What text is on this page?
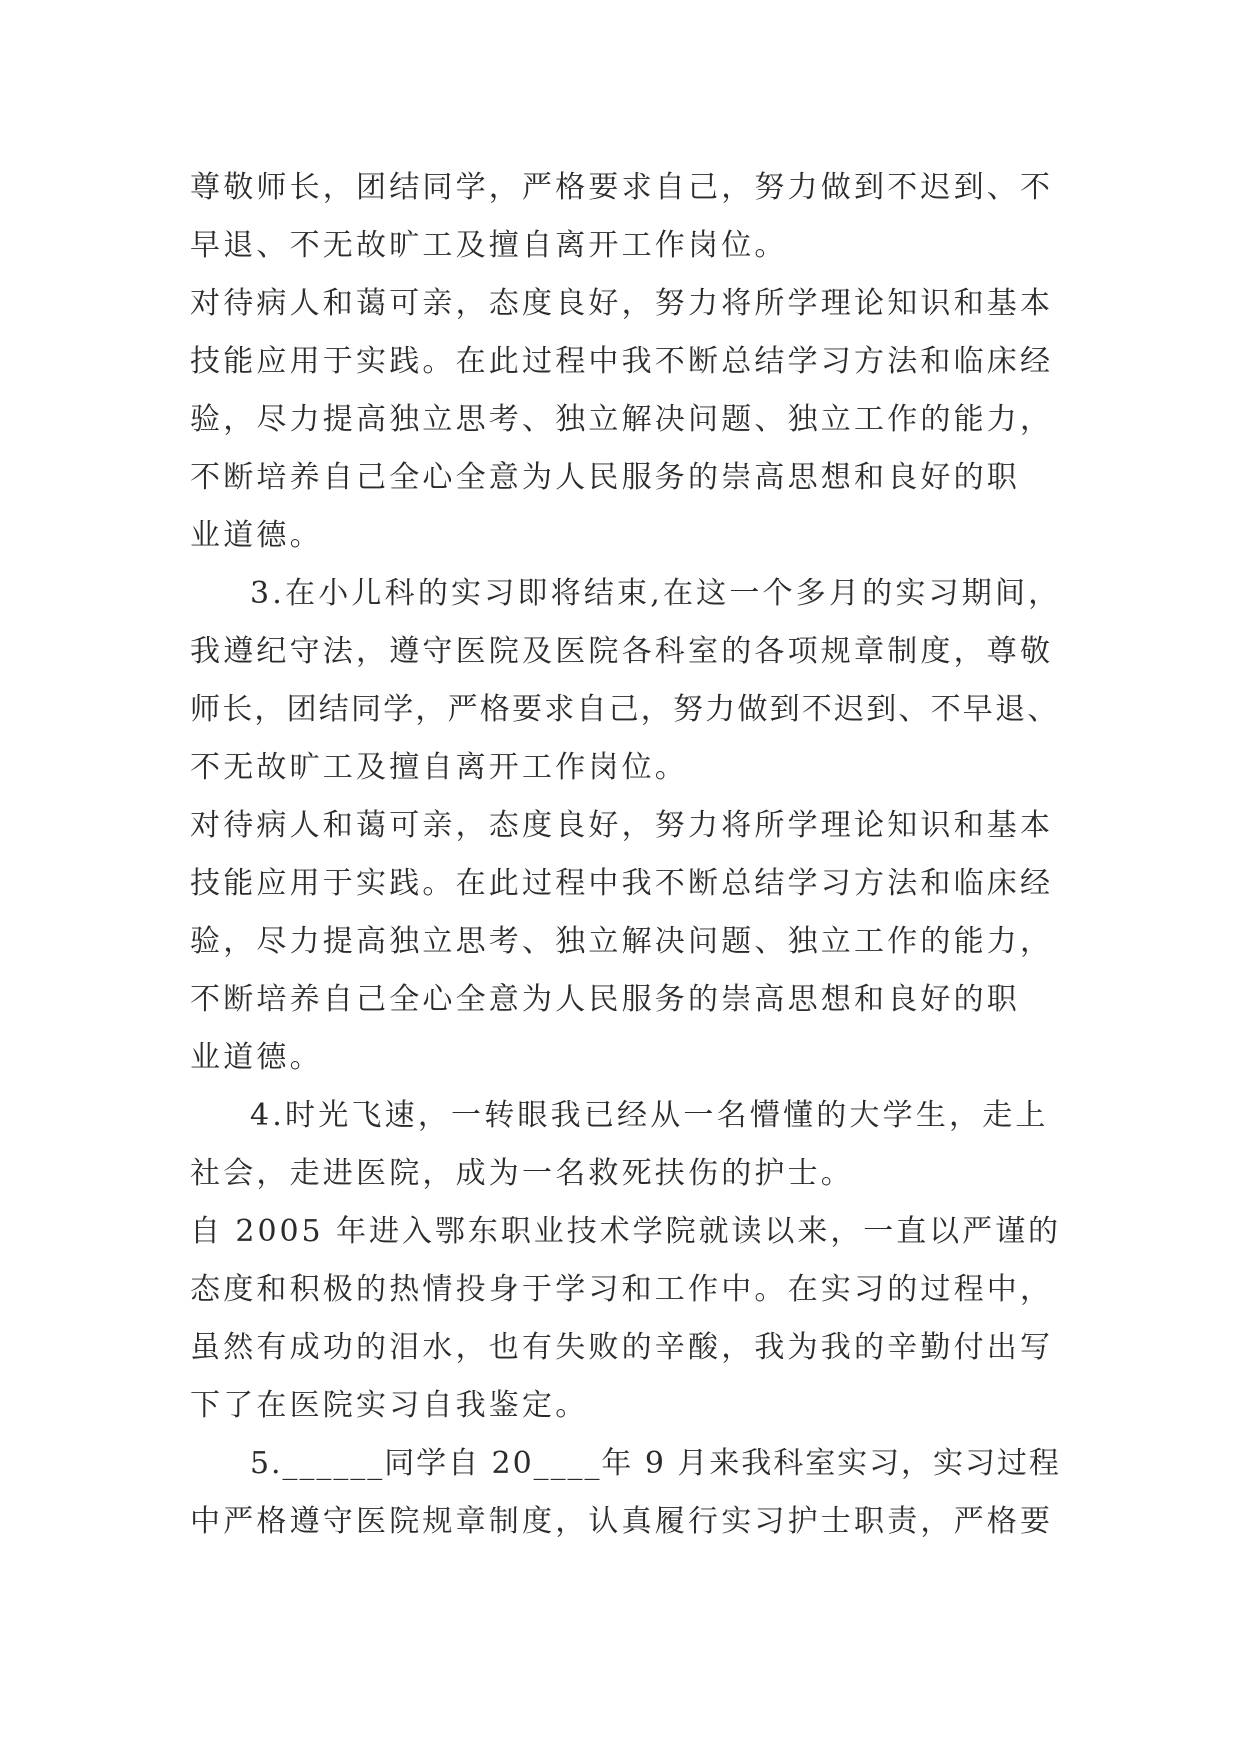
尊敬师长，团结同学，严格要求自己，努力做到不迟到、不
早退、不无故旷工及擅自离开工作岗位。
对待病人和蔼可亲，态度良好，努力将所学理论知识和基本
技能应用于实践。在此过程中我不断总结学习方法和临床经
验，尽力提高独立思考、独立解决问题、独立工作的能力，
不断培养自己全心全意为人民服务的崇高思想和良好的职
业道德。
3.在小儿科的实习即将结束,在这一个多月的实习期间，
我遵纪守法，遵守医院及医院各科室的各项规章制度，尊敬
师长，团结同学，严格要求自己，努力做到不迟到、不早退、
不无故旷工及擅自离开工作岗位。
对待病人和蔼可亲，态度良好，努力将所学理论知识和基本
技能应用于实践。在此过程中我不断总结学习方法和临床经
验，尽力提高独立思考、独立解决问题、独立工作的能力，
不断培养自己全心全意为人民服务的崇高思想和良好的职
业道德。
4.时光飞速，一转眼我已经从一名懵懂的大学生，走上
社会，走进医院，成为一名救死扶伤的护士。
自 2005 年进入鄂东职业技术学院就读以来，一直以严谨的
态度和积极的热情投身于学习和工作中。在实习的过程中，
虽然有成功的泪水，也有失败的辛酸，我为我的辛勤付出写
下了在医院实习自我鉴定。
5.______同学自 20____年 9 月来我科室实习，实习过程
中严格遵守医院规章制度，认真履行实习护士职责，严格要
